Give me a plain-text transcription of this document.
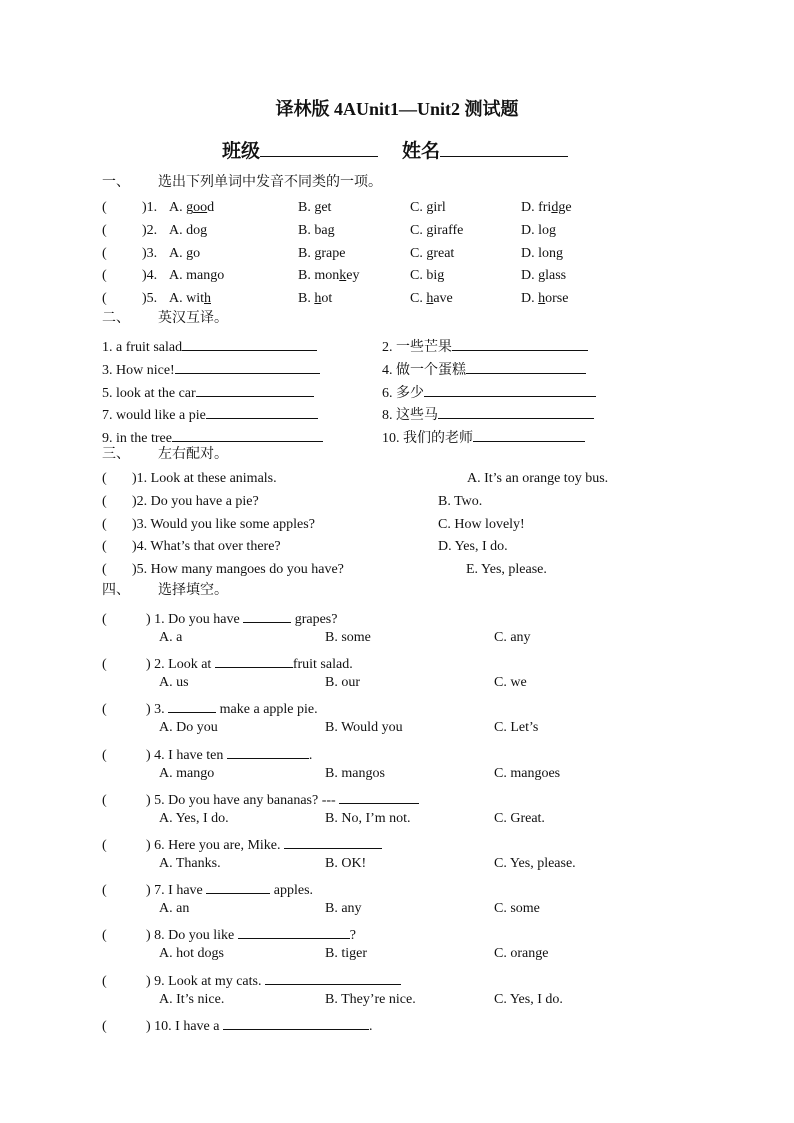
译林版 4AUnit1—Unit2 测试题
班级	姓名
一、 选出下列单词中发音不同类的一项。
(	)1. A. good	B. get	C. girl	D. fridge
(	)2. A. dog	B. bag	C. giraffe	D. log
(	)3. A. go	B. grape	C. great	D. long
(	)4. A. mango	B. monkey	C. big	D. glass
(	)5. A. with	B. hot	C. have	D. horse
二、 英汉互译。
1. a fruit salad	2. 一些芒果
3. How nice!	4. 做一个蛋糕
5. look at the car	6. 多少
7. would like a pie	8. 这些马
9. in the tree	10. 我们的老师
三、 左右配对。
( )1. Look at these animals.	A. It’s an orange toy bus.
( )2. Do you have a pie?	B. Two.
( )3. Would you like some apples?	C. How lovely!
( )4. What’s that over there?	D. Yes, I do.
( )5. How many mangoes do you have?	E. Yes, please.
四、 选择填空。
(	) 1. Do you have	grapes?
A. a	B. some	C. any
(	) 2. Look at	fruit salad.
A. us	B. our	C. we
(	) 3.	make a apple pie.
A. Do you	B. Would you	C. Let’s
(	) 4. I have ten	.
A. mango	B. mangos	C. mangoes
(	) 5. Do you have any bananas? ---
A. Yes, I do.	B. No, I’m not.	C. Great.
(	) 6. Here you are, Mike.
A. Thanks.	B. OK!	C. Yes, please.
(	) 7. I have	apples.
A. an	B. any	C. some
(	) 8. Do you like	?
A. hot dogs	B. tiger	C. orange
(	) 9. Look at my cats.
A. It’s nice.	B. They’re nice.	C. Yes, I do.
(	) 10. I have a	.
